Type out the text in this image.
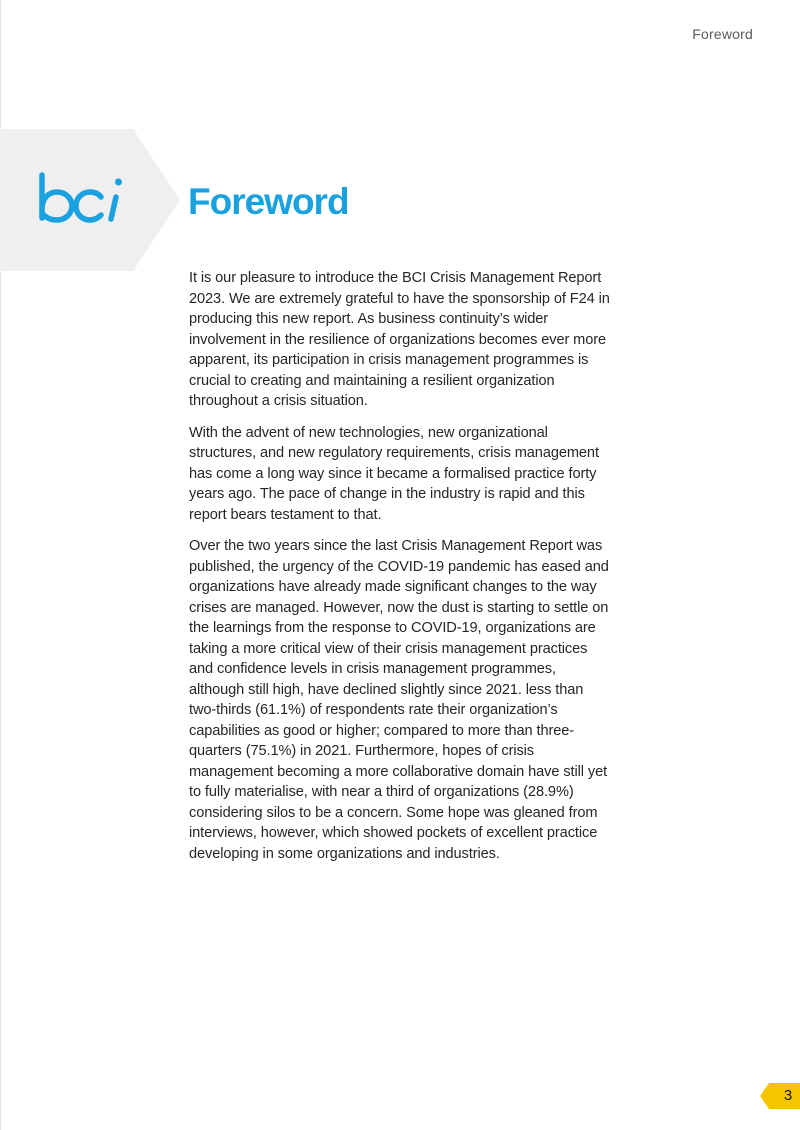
Foreword
Foreword

It is our pleasure to introduce the BCI Crisis Management Report 2023. We are extremely grateful to have the sponsorship of F24 in producing this new report. As business continuity’s wider involvement in the resilience of organizations becomes ever more apparent, its participation in crisis management programmes is crucial to creating and maintaining a resilient organization throughout a crisis situation.

With the advent of new technologies, new organizational structures, and new regulatory requirements, crisis management has come a long way since it became a formalised practice forty years ago. The pace of change in the industry is rapid and this report bears testament to that.

Over the two years since the last Crisis Management Report was published, the urgency of the COVID-19 pandemic has eased and organizations have already made significant changes to the way crises are managed. However, now the dust is starting to settle on the learnings from the response to COVID-19, organizations are taking a more critical view of their crisis management practices and confidence levels in crisis management programmes, although still high, have declined slightly since 2021. less than two-thirds (61.1%) of respondents rate their organization’s capabilities as good or higher; compared to more than three-quarters (75.1%) in 2021. Furthermore, hopes of crisis management becoming a more collaborative domain have still yet to fully materialise, with near a third of organizations (28.9%) considering silos to be a concern. Some hope was gleaned from interviews, however, which showed pockets of excellent practice developing in some organizations and industries.

3
